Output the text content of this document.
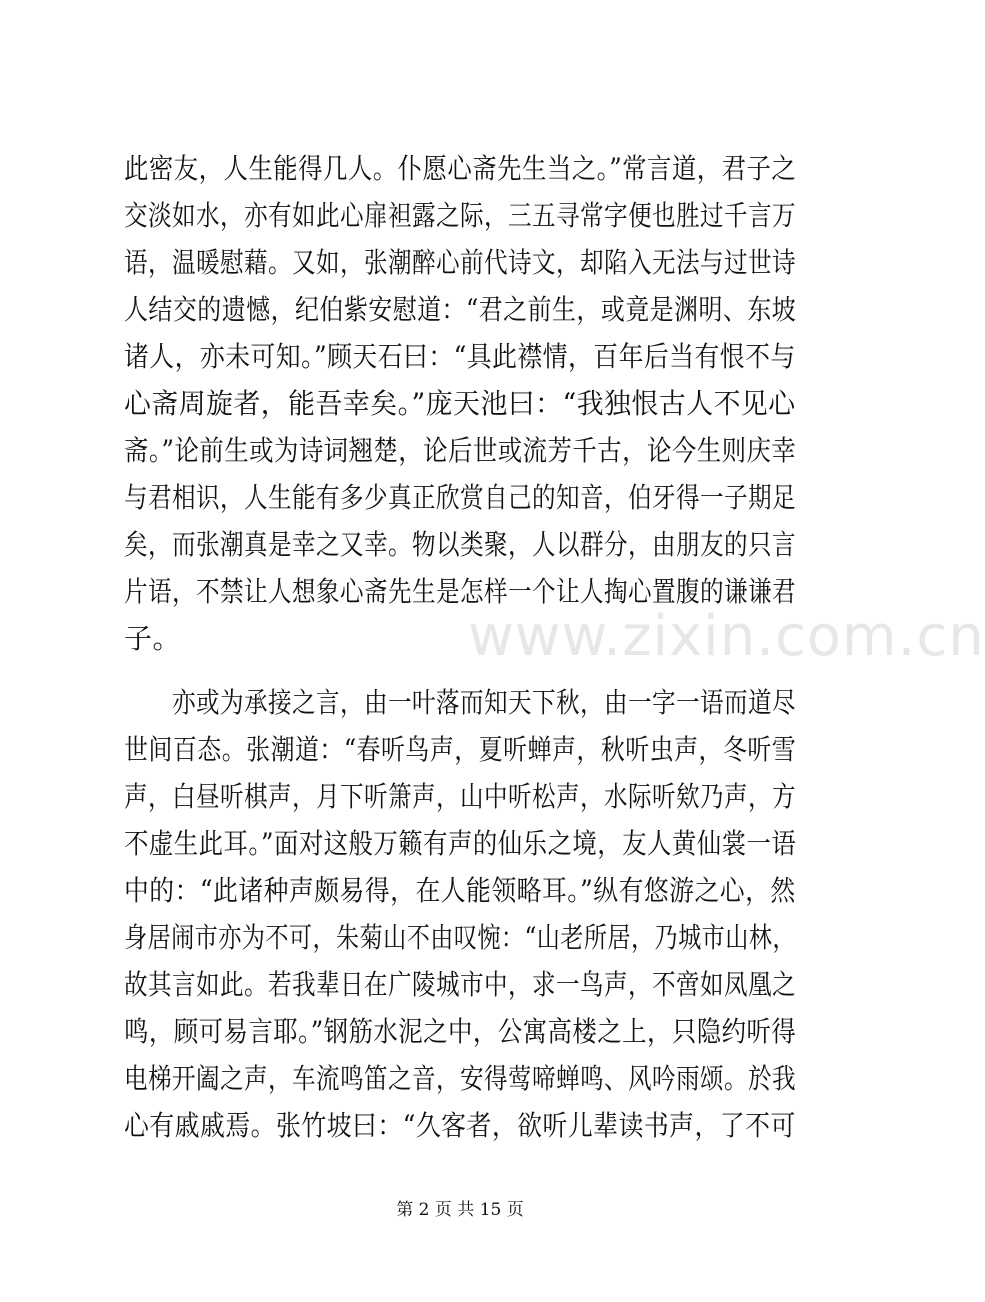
此密友，人生能得几人。仆愿心斋先生当之。”常言道，君子之
交淡如水，亦有如此心扉袒露之际，三五寻常字便也胜过千言万
语，温暖慰藉。又如，张潮醉心前代诗文，却陷入无法与过世诗
人结交的遗憾，纪伯紫安慰道：“君之前生，或竟是渊明、东坡
诸人，亦未可知。”顾天石曰：“具此襟情，百年后当有恨不与
心斋周旋者，能吾幸矣。”庞天池曰：“我独恨古人不见心
斋。”论前生或为诗词翘楚，论后世或流芳千古，论今生则庆幸
与君相识，人生能有多少真正欣赏自己的知音，伯牙得一子期足
矣，而张潮真是幸之又幸。物以类聚，人以群分，由朋友的只言
片语，不禁让人想象心斋先生是怎样一个让人掏心置腹的谦谦君
子。
　　亦或为承接之言，由一叶落而知天下秋，由一字一语而道尽
世间百态。张潮道：“春听鸟声，夏听蝉声，秋听虫声，冬听雪
声，白昼听棋声，月下听箫声，山中听松声，水际听欸乃声，方
不虚生此耳。”面对这般万籁有声的仙乐之境，友人黄仙裳一语
中的：“此诸种声颇易得，在人能领略耳。”纵有悠游之心，然
身居闹市亦为不可，朱菊山不由叹惋：“山老所居，乃城市山林，
故其言如此。若我辈日在广陵城市中，求一鸟声，不啻如凤凰之
鸣，顾可易言耶。”钢筋水泥之中，公寓高楼之上，只隐约听得
电梯开阖之声，车流鸣笛之音，安得莺啼蝉鸣、风吟雨颂。於我
心有戚戚焉。张竹坡曰：“久客者，欲听儿辈读书声，了不可
www.zixin.com.cn
第 2 页 共 15 页
